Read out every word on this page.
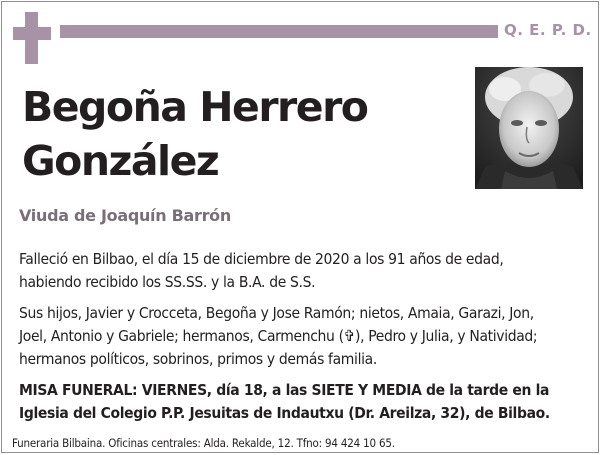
Q. E. P. D.
Begoña Herrero
González
Viuda de Joaquín Barrón
Falleció en Bilbao, el día 15 de diciembre de 2020 a los 91 años de edad,
habiendo recibido los SS.SS. y la B.A. de S.S.
Sus hijos, Javier y Crocceta, Begoña y Jose Ramón; nietos, Amaia, Garazi, Jon,
Joel, Antonio y Gabriele; hermanos, Carmenchu (✞), Pedro y Julia, y Natividad;
hermanos políticos, sobrinos, primos y demás familia.
MISA FUNERAL: VIERNES, día 18, a las SIETE Y MEDIA de la tarde en la
Iglesia del Colegio P.P. Jesuitas de Indautxu (Dr. Areilza, 32), de Bilbao.
Funeraria Bilbaina. Oficinas centrales: Alda. Rekalde, 12. Tfno: 94 424 10 65.
